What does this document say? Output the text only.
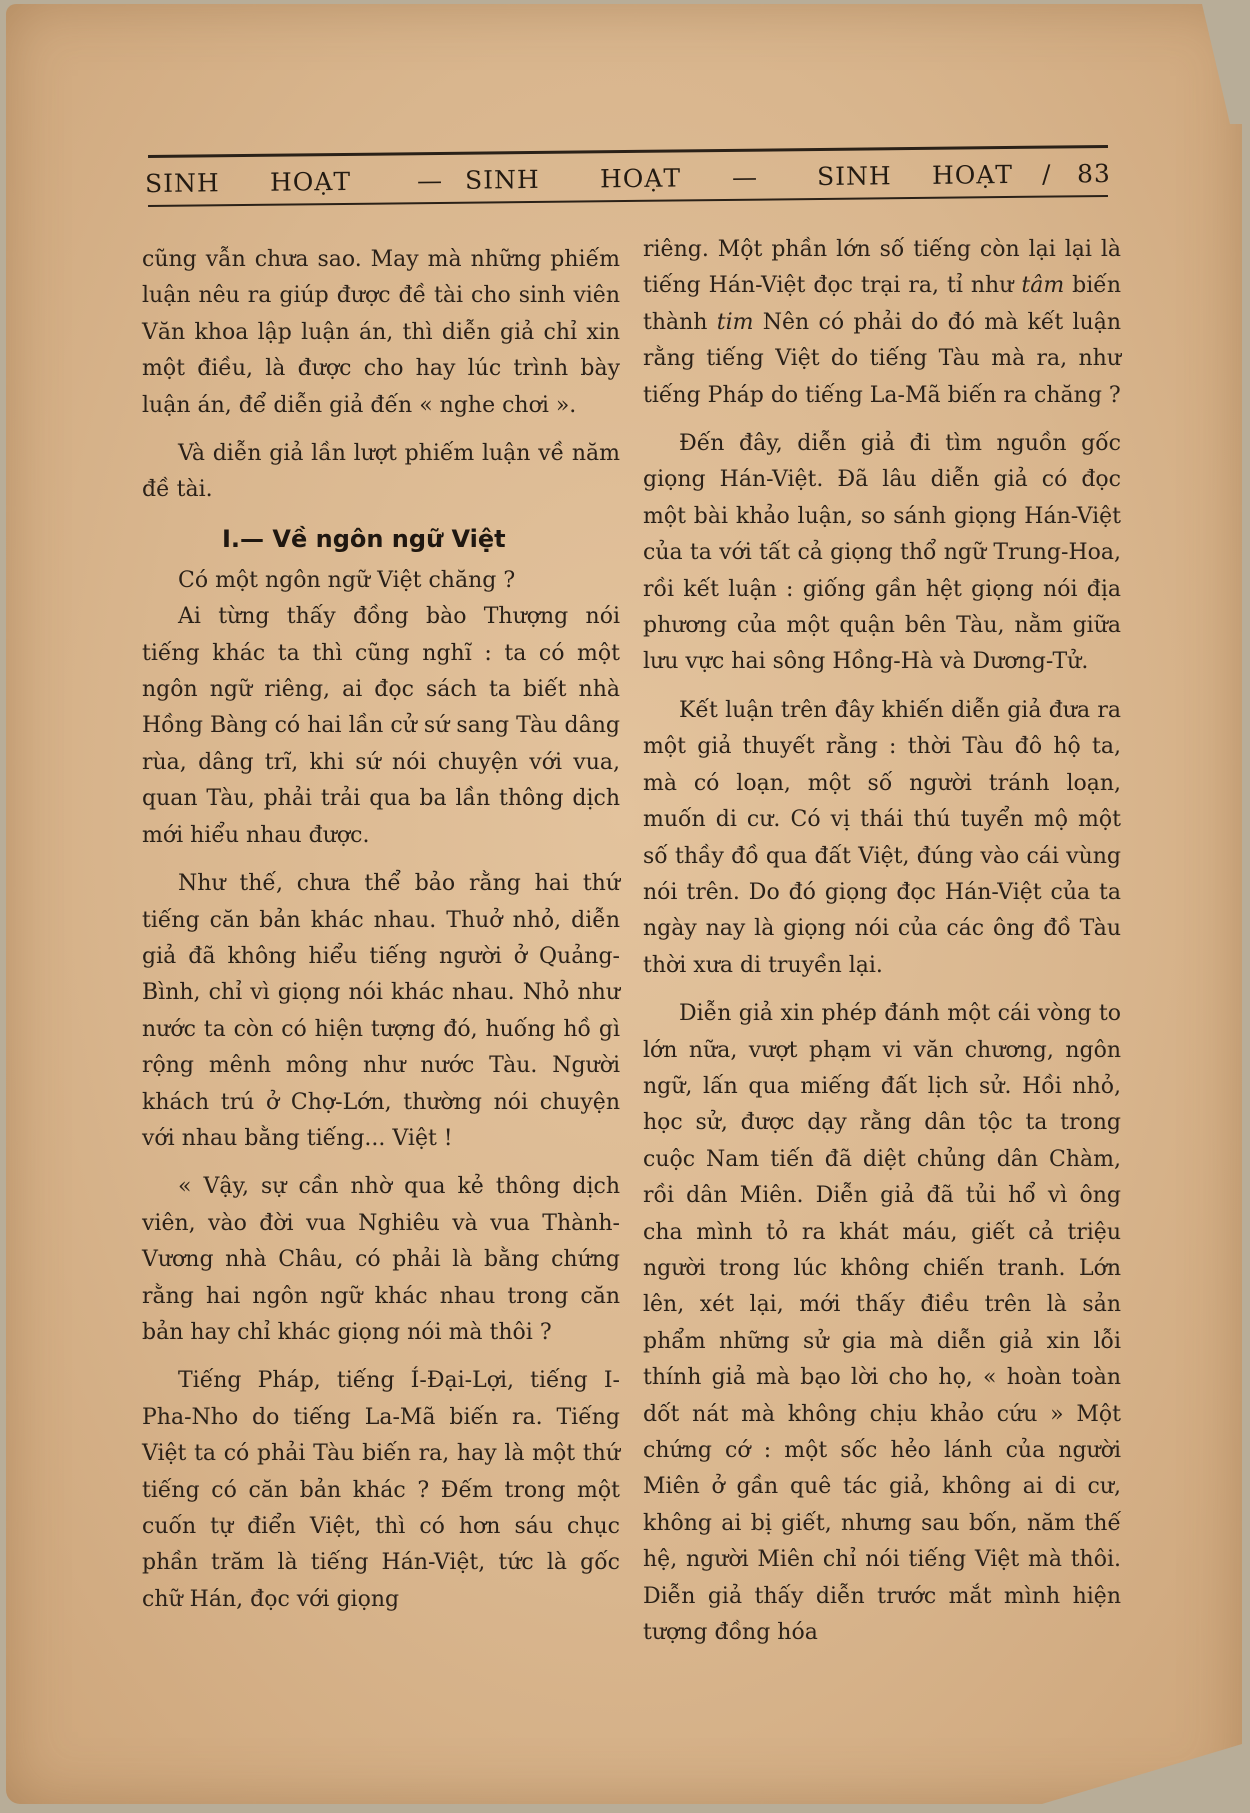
SINH HOẠT	— SINH HOẠT — SINH HOẠT / 83

cũng vẫn chưa sao. May mà những phiếm luận nêu ra giúp được đề tài cho sinh viên Văn khoa lập luận án, thì diễn giả chỉ xin một điều, là được cho hay lúc trình bày luận án, để diễn giả đến « nghe chơi ».

Và diễn giả lần lượt phiếm luận về năm đề tài.

I.— Về ngôn ngữ Việt

Có một ngôn ngữ Việt chăng ?

Ai từng thấy đồng bào Thượng nói tiếng khác ta thì cũng nghĩ : ta có một ngôn ngữ riêng, ai đọc sách ta biết nhà Hồng Bàng có hai lần cử sứ sang Tàu dâng rùa, dâng trĩ, khi sứ nói chuyện với vua, quan Tàu, phải trải qua ba lần thông dịch mới hiểu nhau được.

Như thế, chưa thể bảo rằng hai thứ tiếng căn bản khác nhau. Thuở nhỏ, diễn giả đã không hiểu tiếng người ở Quảng-Bình, chỉ vì giọng nói khác nhau. Nhỏ như nước ta còn có hiện tượng đó, huống hồ gì rộng mênh mông như nước Tàu. Người khách trú ở Chợ-Lớn, thường nói chuyện với nhau bằng tiếng... Việt !

« Vậy, sự cần nhờ qua kẻ thông dịch viên, vào đời vua Nghiêu và vua Thành-Vương nhà Châu, có phải là bằng chứng rằng hai ngôn ngữ khác nhau trong căn bản hay chỉ khác giọng nói mà thôi ?

Tiếng Pháp, tiếng Í-Đại-Lợi, tiếng I-Pha-Nho do tiếng La-Mã biến ra. Tiếng Việt ta có phải Tàu biến ra, hay là một thứ tiếng có căn bản khác ? Đếm trong một cuốn tự điển Việt, thì có hơn sáu chục phần trăm là tiếng Hán-Việt, tức là gốc chữ Hán, đọc với giọng

riêng. Một phần lớn số tiếng còn lại lại là tiếng Hán-Việt đọc trại ra, tỉ như tâm biến thành tim Nên có phải do đó mà kết luận rằng tiếng Việt do tiếng Tàu mà ra, như tiếng Pháp do tiếng La-Mã biến ra chăng ?

Đến đây, diễn giả đi tìm nguồn gốc giọng Hán-Việt. Đã lâu diễn giả có đọc một bài khảo luận, so sánh giọng Hán-Việt của ta với tất cả giọng thổ ngữ Trung-Hoa, rồi kết luận : giống gần hệt giọng nói địa phương của một quận bên Tàu, nằm giữa lưu vực hai sông Hồng-Hà và Dương-Tử.

Kết luận trên đây khiến diễn giả đưa ra một giả thuyết rằng : thời Tàu đô hộ ta, mà có loạn, một số người tránh loạn, muốn di cư. Có vị thái thú tuyển mộ một số thầy đồ qua đất Việt, đúng vào cái vùng nói trên. Do đó giọng đọc Hán-Việt của ta ngày nay là giọng nói của các ông đồ Tàu thời xưa di truyền lại.

Diễn giả xin phép đánh một cái vòng to lớn nữa, vượt phạm vi văn chương, ngôn ngữ, lấn qua miếng đất lịch sử. Hồi nhỏ, học sử, được dạy rằng dân tộc ta trong cuộc Nam tiến đã diệt chủng dân Chàm, rồi dân Miên. Diễn giả đã tủi hổ vì ông cha mình tỏ ra khát máu, giết cả triệu người trong lúc không chiến tranh. Lớn lên, xét lại, mới thấy điều trên là sản phẩm những sử gia mà diễn giả xin lỗi thính giả mà bạo lời cho họ, « hoàn toàn dốt nát mà không chịu khảo cứu » Một chứng cớ : một sốc hẻo lánh của người Miên ở gần quê tác giả, không ai di cư, không ai bị giết, nhưng sau bốn, năm thế hệ, người Miên chỉ nói tiếng Việt mà thôi. Diễn giả thấy diễn trước mắt mình hiện tượng đồng hóa
